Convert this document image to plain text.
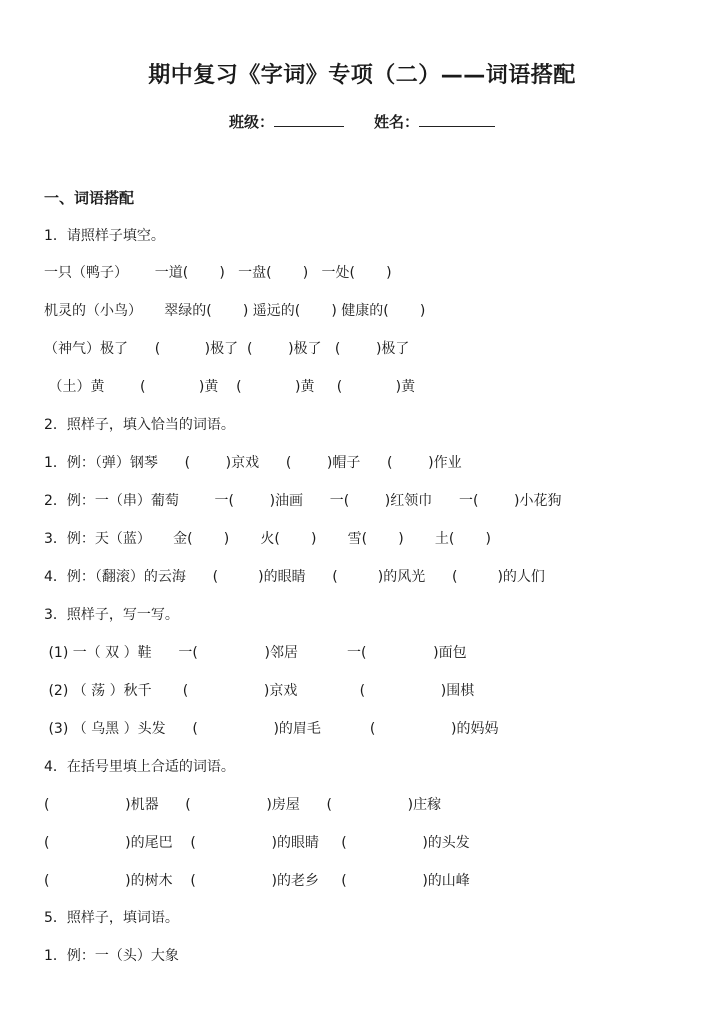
期中复习《字词》专项（二）——词语搭配
班级：	姓名：
一、词语搭配
1．请照样子填空。
一只（鸭子）      一道(       )   一盘(       )   一处(       )
机灵的（小鸟）     翠绿的(       ) 遥远的(       ) 健康的(       )
（神气）极了      (          )极了  (        )极了   (        )极了
（土）黄        (            )黄    (            )黄     (            )黄
2．照样子，填入恰当的词语。
1．例：（弹）钢琴      (        )京戏      (        )帽子      (        )作业
2．例：一（串）葡萄        一(        )油画      一(        )红领巾      一(        )小花狗
3．例：天（蓝）     金(       )       火(       )       雪(       )       土(       )
4．例：（翻滚）的云海      (         )的眼睛      (         )的风光      (         )的人们
3．照样子，写一写。
(1) 一（ 双 ）鞋      一(               )邻居           一(               )面包
(2) （ 荡 ）秋千       (                 )京戏              (                 )围棋
(3) （ 乌黑 ）头发      (                 )的眉毛           (                 )的妈妈
4．在括号里填上合适的词语。
(                 )机器      (                 )房屋      (                 )庄稼
(                 )的尾巴    (                 )的眼睛     (                 )的头发
(                 )的树木    (                 )的老乡     (                 )的山峰
5．照样子，填词语。
1．例：一（头）大象
